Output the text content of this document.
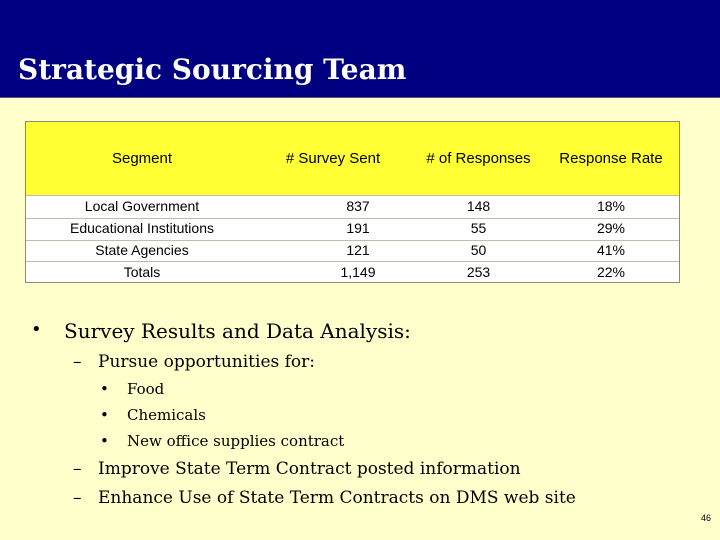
Strategic Sourcing Team
Segment	# Survey Sent	# of Responses	Response Rate
Local Government	837	148	18%
Educational Institutions	191	55	29%
State Agencies	121	50	41%
Totals	1,149	253	22%
• Survey Results and Data Analysis:
– Pursue opportunities for:
• Food
• Chemicals
• New office supplies contract
– Improve State Term Contract posted information
– Enhance Use of State Term Contracts on DMS web site
46
